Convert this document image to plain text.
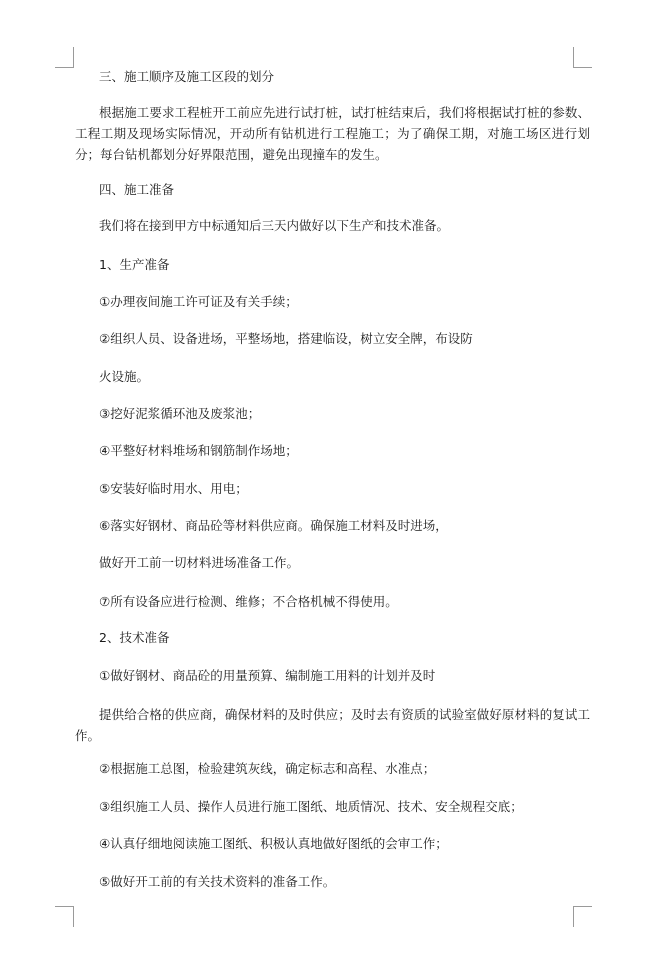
三、施工顺序及施工区段的划分
根据施工要求工程桩开工前应先进行试打桩，试打桩结束后，我们将根据试打桩的参数、工程工期及现场实际情况，开动所有钻机进行工程施工；为了确保工期，对施工场区进行划分；每台钻机都划分好界限范围，避免出现撞车的发生。
四、施工准备
我们将在接到甲方中标通知后三天内做好以下生产和技术准备。
1、生产准备
①办理夜间施工许可证及有关手续；
②组织人员、设备进场，平整场地，搭建临设，树立安全牌，布设防
火设施。
③挖好泥浆循环池及废浆池；
④平整好材料堆场和钢筋制作场地；
⑤安装好临时用水、用电；
⑥落实好钢材、商品砼等材料供应商。确保施工材料及时进场，
做好开工前一切材料进场准备工作。
⑦所有设备应进行检测、维修；不合格机械不得使用。
2、技术准备
①做好钢材、商品砼的用量预算、编制施工用料的计划并及时
提供给合格的供应商，确保材料的及时供应；及时去有资质的试验室做好原材料的复试工作。
②根据施工总图，检验建筑灰线，确定标志和高程、水准点；
③组织施工人员、操作人员进行施工图纸、地质情况、技术、安全规程交底；
④认真仔细地阅读施工图纸、积极认真地做好图纸的会审工作；
⑤做好开工前的有关技术资料的准备工作。
